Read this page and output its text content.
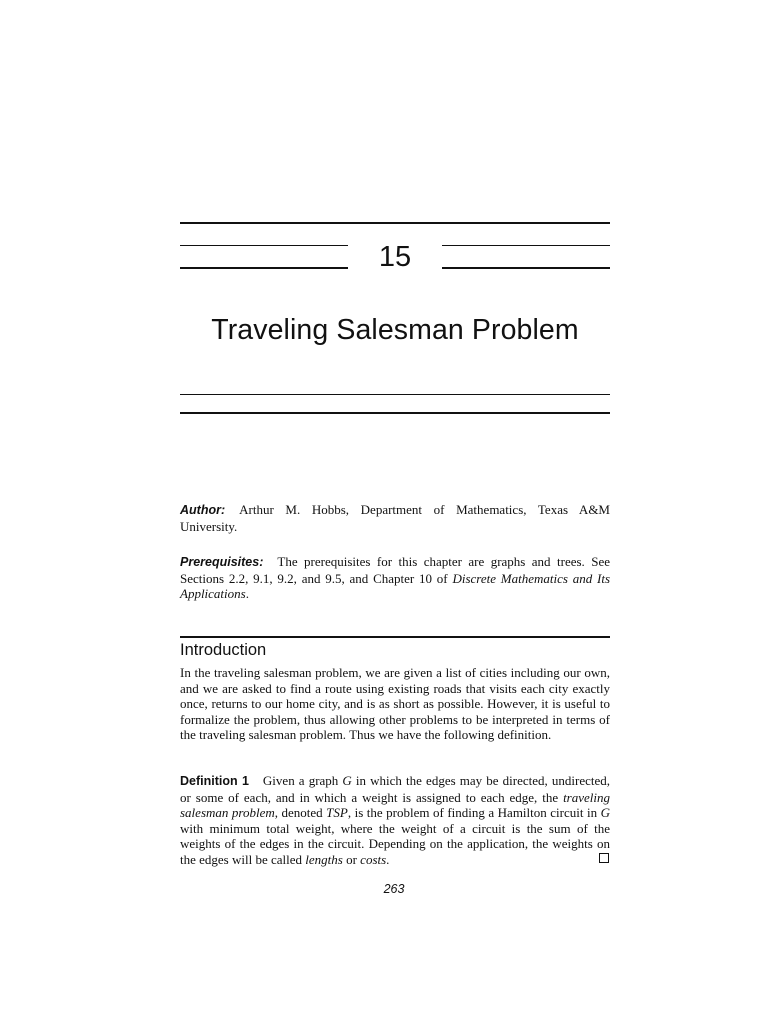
15
Traveling Salesman Problem

Author: Arthur M. Hobbs, Department of Mathematics, Texas A&M University.

Prerequisites: The prerequisites for this chapter are graphs and trees. See Sections 2.2, 9.1, 9.2, and 9.5, and Chapter 10 of Discrete Mathematics and Its Applications.

Introduction

In the traveling salesman problem, we are given a list of cities including our own, and we are asked to find a route using existing roads that visits each city exactly once, returns to our home city, and is as short as possible. However, it is useful to formalize the problem, thus allowing other problems to be interpreted in terms of the traveling salesman problem. Thus we have the following definition.

Definition 1 Given a graph G in which the edges may be directed, undirected, or some of each, and in which a weight is assigned to each edge, the traveling salesman problem, denoted TSP, is the problem of finding a Hamilton circuit in G with minimum total weight, where the weight of a circuit is the sum of the weights of the edges in the circuit. Depending on the application, the weights on the edges will be called lengths or costs.

263
